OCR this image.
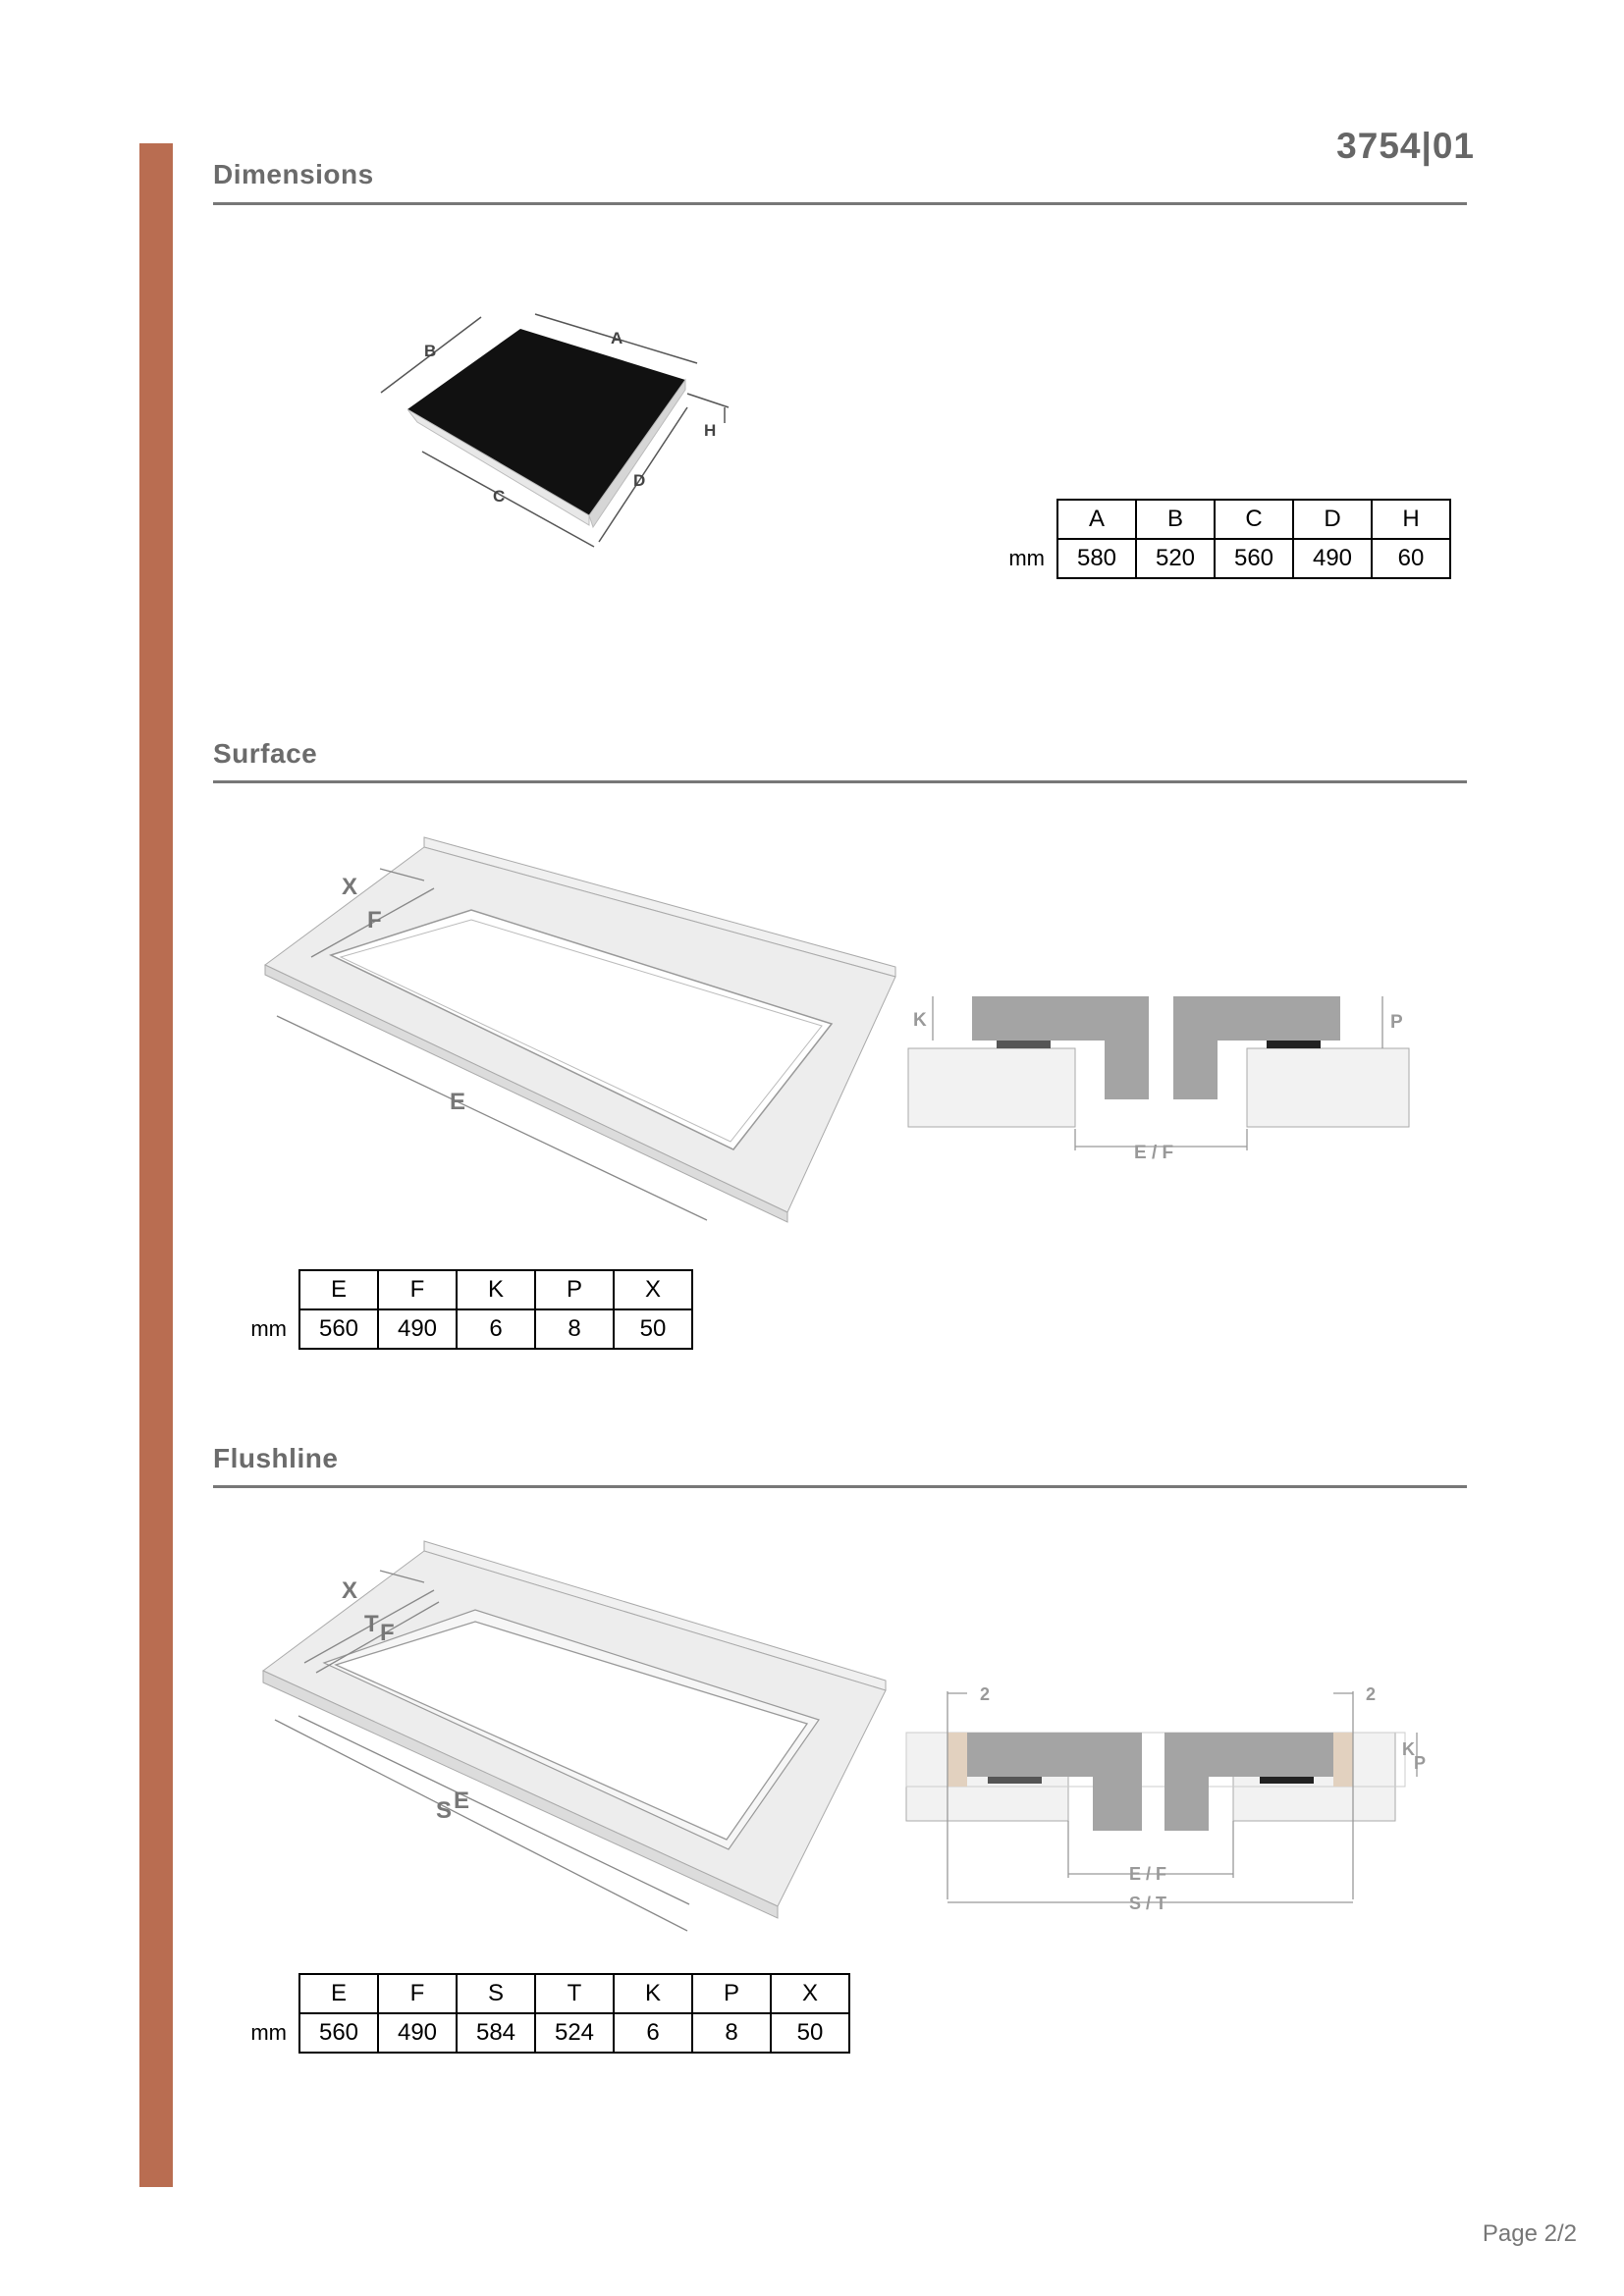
3754|01
Dimensions
A
B
C
D
H
	A	B	C	D	H
mm	580	520	560	490	60
Surface
X
F
E
K	P
E / F
	E	F	K	P	X
mm	560	490	6	8	50
Flushline
X
T F
S E
2	2
K
P
E / F
S / T
	E	F	S	T	K	P	X
mm	560	490	584	524	6	8	50
Page 2/2
